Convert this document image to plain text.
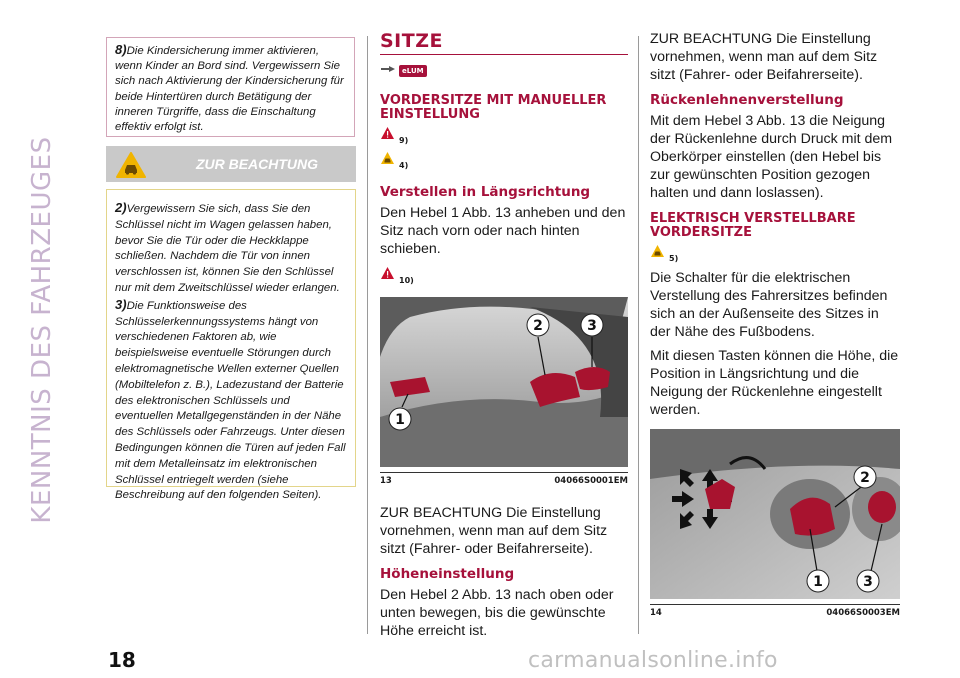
KENNTNIS DES FAHRZEUGES
8)Die Kindersicherung immer aktivieren, wenn Kinder an Bord sind. Vergewissern Sie sich nach Aktivierung der Kindersicherung für beide Hintertüren durch Betätigung der inneren Türgriffe, dass die Einschaltung effektiv erfolgt ist.
ZUR BEACHTUNG

2)Vergewissern Sie sich, dass Sie den Schlüssel nicht im Wagen gelassen haben, bevor Sie die Tür oder die Heckklappe schließen. Nachdem die Tür von innen verschlossen ist, können Sie den Schlüssel nur mit dem Zweitschlüssel wieder erlangen.

3)Die Funktionsweise des Schlüsselerkennungssystems hängt von verschiedenen Faktoren ab, wie beispielsweise eventuelle Störungen durch elektromagnetische Wellen externer Quellen (Mobiltelefon z. B.), Ladezustand der Batterie des elektronischen Schlüssels und eventuellen Metallgegenständen in der Nähe des Schlüssels oder Fahrzeugs. Unter diesen Bedingungen können die Türen auf jeden Fall mit dem Metalleinsatz im elektronischen Schlüssel entriegelt werden (siehe Beschreibung auf den folgenden Seiten).

SITZE
eLUM
VORDERSITZE MIT MANUELLER EINSTELLUNG
9)
4)
Verstellen in Längsrichtung

Den Hebel 1 Abb. 13 anheben und den Sitz nach vorn oder nach hinten schieben.

10)
1
2	3
13	04066S0001EM

ZUR BEACHTUNG Die Einstellung vornehmen, wenn man auf dem Sitz sitzt (Fahrer- oder Beifahrerseite).

Höheneinstellung

Den Hebel 2 Abb. 13 nach oben oder unten bewegen, bis die gewünschte Höhe erreicht ist.

ZUR BEACHTUNG Die Einstellung vornehmen, wenn man auf dem Sitz sitzt (Fahrer- oder Beifahrerseite).

Rückenlehnenverstellung

Mit dem Hebel 3 Abb. 13 die Neigung der Rückenlehne durch Druck mit dem Oberkörper einstellen (den Hebel bis zur gewünschten Position gezogen halten und dann loslassen).

ELEKTRISCH VERSTELLBARE VORDERSITZE
5)

Die Schalter für die elektrischen Verstellung des Fahrersitzes befinden sich an der Außenseite des Sitzes in der Nähe des Fußbodens.

Mit diesen Tasten können die Höhe, die Position in Längsrichtung und die Neigung der Rückenlehne eingestellt werden.

2
1	3
14	04066S0003EM
18	carmanualsonline.info
